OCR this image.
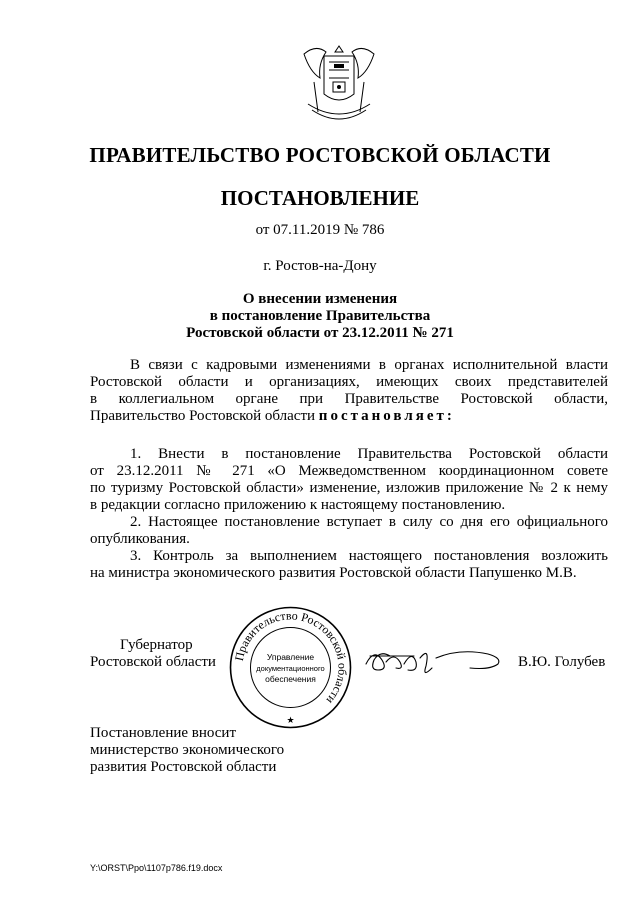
ПРАВИТЕЛЬСТВО РОСТОВСКОЙ ОБЛАСТИ
ПОСТАНОВЛЕНИЕ
от 07.11.2019 № 786
г. Ростов-на-Дону
О внесении изменения
в постановление Правительства
Ростовской области от 23.12.2011 № 271
В связи с кадровыми изменениями в органах исполнительной власти
Ростовской области и организациях, имеющих своих представителей
в коллегиальном органе при Правительстве Ростовской области,
Правительство Ростовской области постановляет:
1. Внести в постановление Правительства Ростовской области
от 23.12.2011 № 271 «О Межведомственном координационном совете
по туризму Ростовской области» изменение, изложив приложение № 2 к нему
в редакции согласно приложению к настоящему постановлению.
2. Настоящее постановление вступает в силу со дня его официального
опубликования.
3. Контроль за выполнением настоящего постановления возложить
на министра экономического развития Ростовской области Папушенко М.В.
Губернатор
Ростовской области	В.Ю. Голубев
Правительство Ростовской области
Управление
документационного
обеспечения
★
Постановление вносит
министерство экономического
развития Ростовской области
Y:\ORST\Ppo\1107p786.f19.docx
